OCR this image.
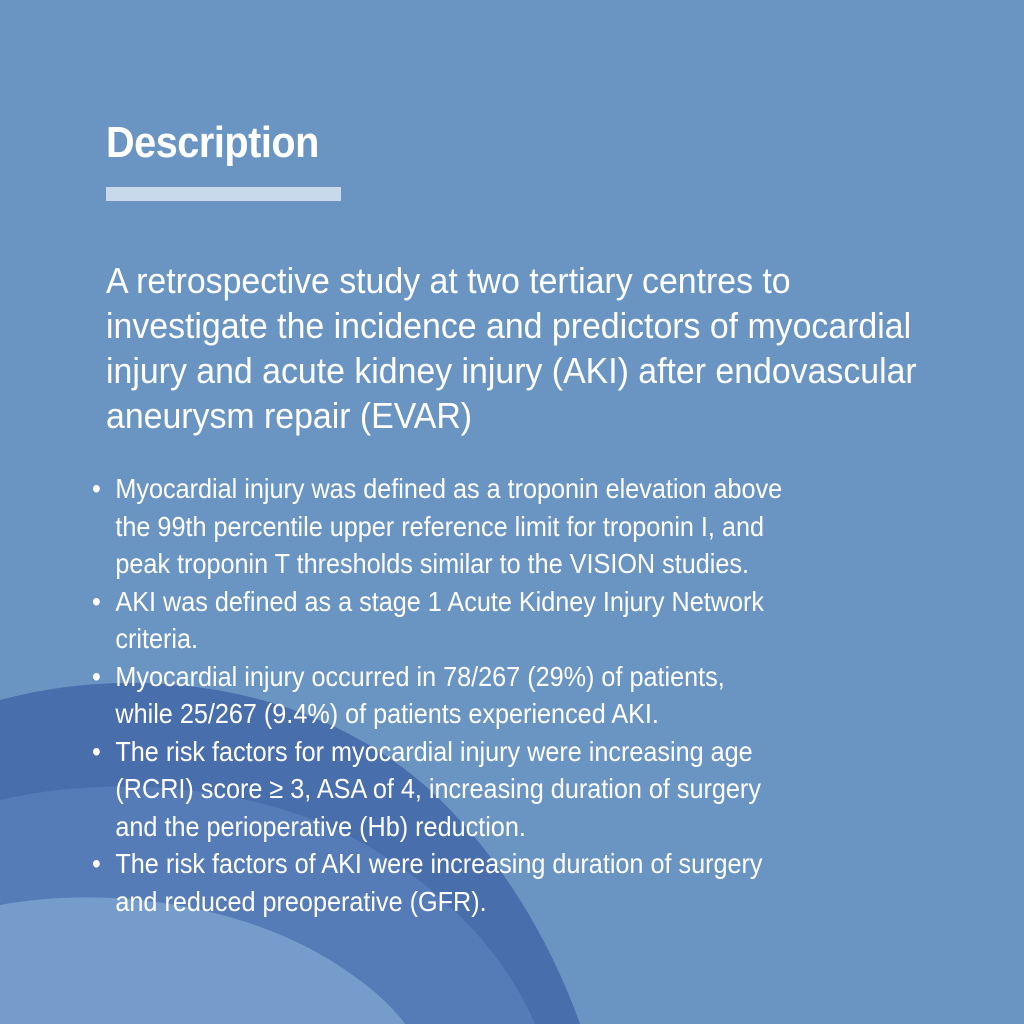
Description

A retrospective study at two tertiary centres to investigate the incidence and predictors of myocardial injury and acute kidney injury (AKI) after endovascular aneurysm repair (EVAR)

• Myocardial injury was defined as a troponin elevation above
the 99th percentile upper reference limit for troponin I, and
peak troponin T thresholds similar to the VISION studies.
• AKI was defined as a stage 1 Acute Kidney Injury Network
criteria.
• Myocardial injury occurred in 78/267 (29%) of patients,
while 25/267 (9.4%) of patients experienced AKI.
• The risk factors for myocardial injury were increasing age
(RCRI) score ≥ 3, ASA of 4, increasing duration of surgery
and the perioperative (Hb) reduction.
• The risk factors of AKI were increasing duration of surgery
and reduced preoperative (GFR).
